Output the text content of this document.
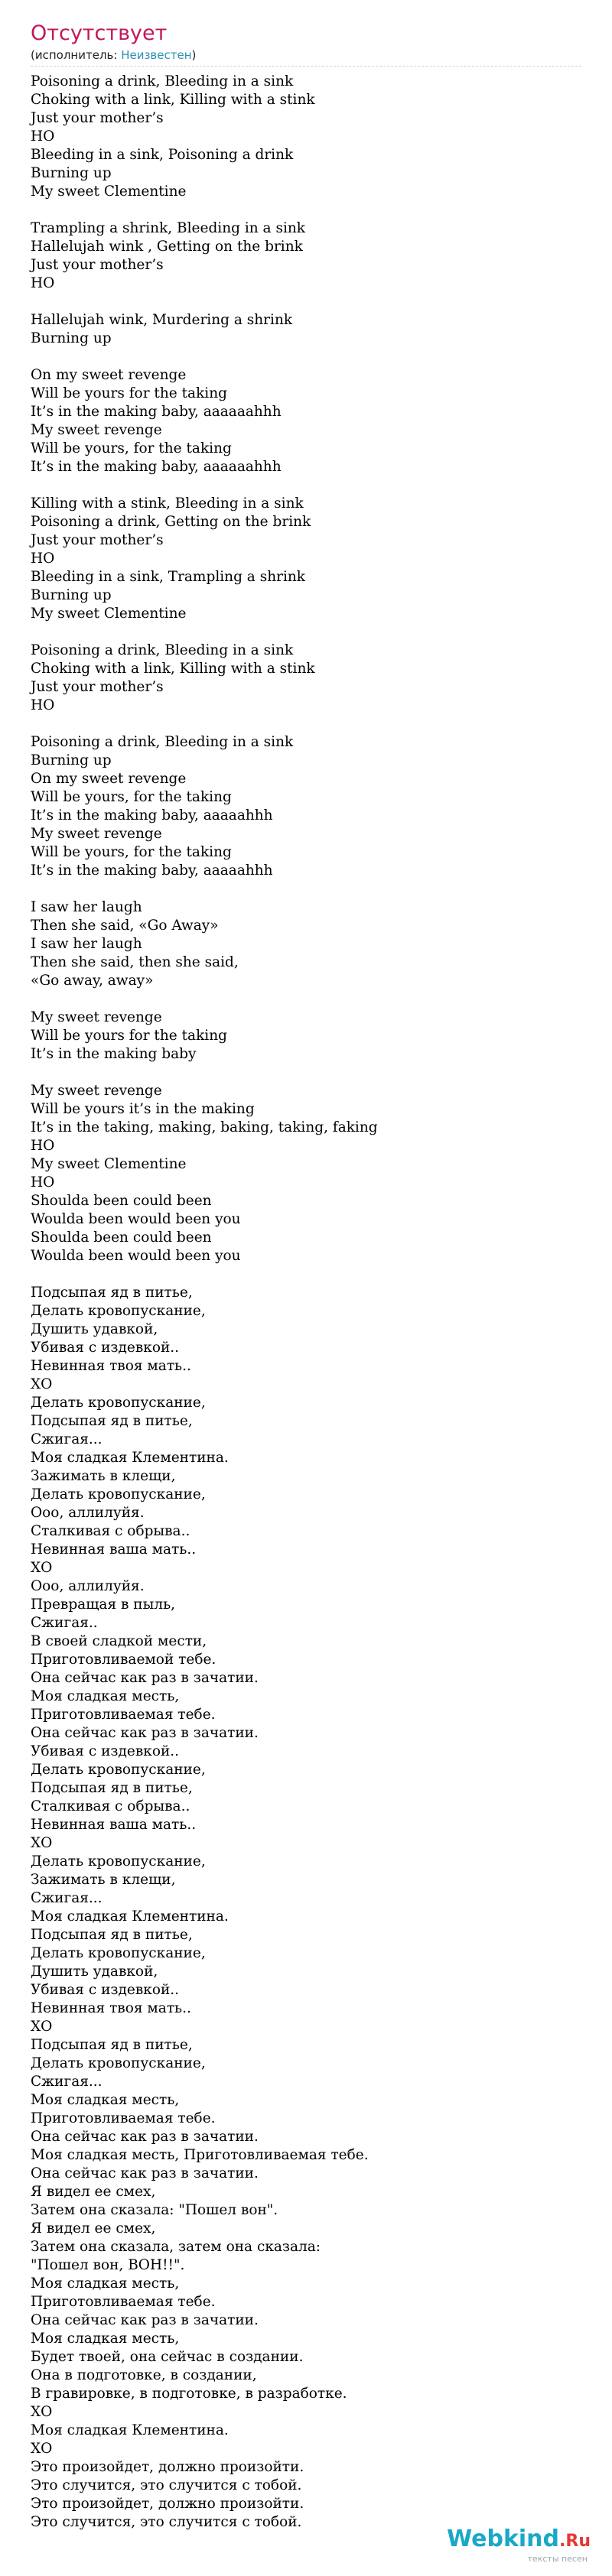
Отсутствует
(исполнитель: Неизвестен)
Poisoning a drink, Bleeding in a sink
Choking with a link, Killing with a stink
Just your mother’s
HO
Bleeding in a sink, Poisoning a drink
Burning up
My sweet Clementine
Trampling a shrink, Bleeding in a sink
Hallelujah wink , Getting on the brink
Just your mother’s
HO
Hallelujah wink, Murdering a shrink
Burning up
On my sweet revenge
Will be yours for the taking
It’s in the making baby, aaaaaahhh
My sweet revenge
Will be yours, for the taking
It’s in the making baby, aaaaaahhh
Killing with a stink, Bleeding in a sink
Poisoning a drink, Getting on the brink
Just your mother’s
HO
Bleeding in a sink, Trampling a shrink
Burning up
My sweet Clementine
Poisoning a drink, Bleeding in a sink
Choking with a link, Killing with a stink
Just your mother’s
HO
Poisoning a drink, Bleeding in a sink
Burning up
On my sweet revenge
Will be yours, for the taking
It’s in the making baby, aaaaahhh
My sweet revenge
Will be yours, for the taking
It’s in the making baby, aaaaahhh
I saw her laugh
Then she said, «Go Away»
I saw her laugh
Then she said, then she said,
«Go away, away»
My sweet revenge
Will be yours for the taking
It’s in the making baby
My sweet revenge
Will be yours it’s in the making
It’s in the taking, making, baking, taking, faking
HO
My sweet Clementine
HO
Shoulda been could been
Woulda been would been you
Shoulda been could been
Woulda been would been you
Подсыпая яд в питье,
Делать кровопускание,
Душить удавкой,
Убивая с издевкой..
Невинная твоя мать..
ХО
Делать кровопускание,
Подсыпая яд в питье,
Сжигая...
Моя сладкая Клементина.
Зажимать в клещи,
Делать кровопускание,
Ооо, аллилуйя.
Сталкивая с обрыва..
Невинная ваша мать..
ХО
Ооо, аллилуйя.
Превращая в пыль,
Сжигая..
В своей сладкой мести,
Приготовливаемой тебе.
Она сейчас как раз в зачатии.
Моя сладкая месть,
Приготовливаемая тебе.
Она сейчас как раз в зачатии.
Убивая с издевкой..
Делать кровопускание,
Подсыпая яд в питье,
Сталкивая с обрыва..
Невинная ваша мать..
ХО
Делать кровопускание,
Зажимать в клещи,
Сжигая...
Моя сладкая Клементина.
Подсыпая яд в питье,
Делать кровопускание,
Душить удавкой,
Убивая с издевкой..
Невинная твоя мать..
ХО
Подсыпая яд в питье,
Делать кровопускание,
Сжигая...
Моя сладкая месть,
Приготовливаемая тебе.
Она сейчас как раз в зачатии.
Моя сладкая месть, Приготовливаемая тебе.
Она сейчас как раз в зачатии.
Я видел ее смех,
Затем она сказала: "Пошел вон".
Я видел ее смех,
Затем она сказала, затем она сказала:
"Пошел вон, ВОН!!".
Моя сладкая месть,
Приготовливаемая тебе.
Она сейчас как раз в зачатии.
Моя сладкая месть,
Будет твоей, она сейчас в создании.
Она в подготовке, в создании,
В гравировке, в подготовке, в разработке.
ХО
Моя сладкая Клементина.
ХО
Это произойдет, должно произойти.
Это случится, это случится с тобой.
Это произойдет, должно произойти.
Это случится, это случится с тобой.
Webkind.Ru
тексты песен
